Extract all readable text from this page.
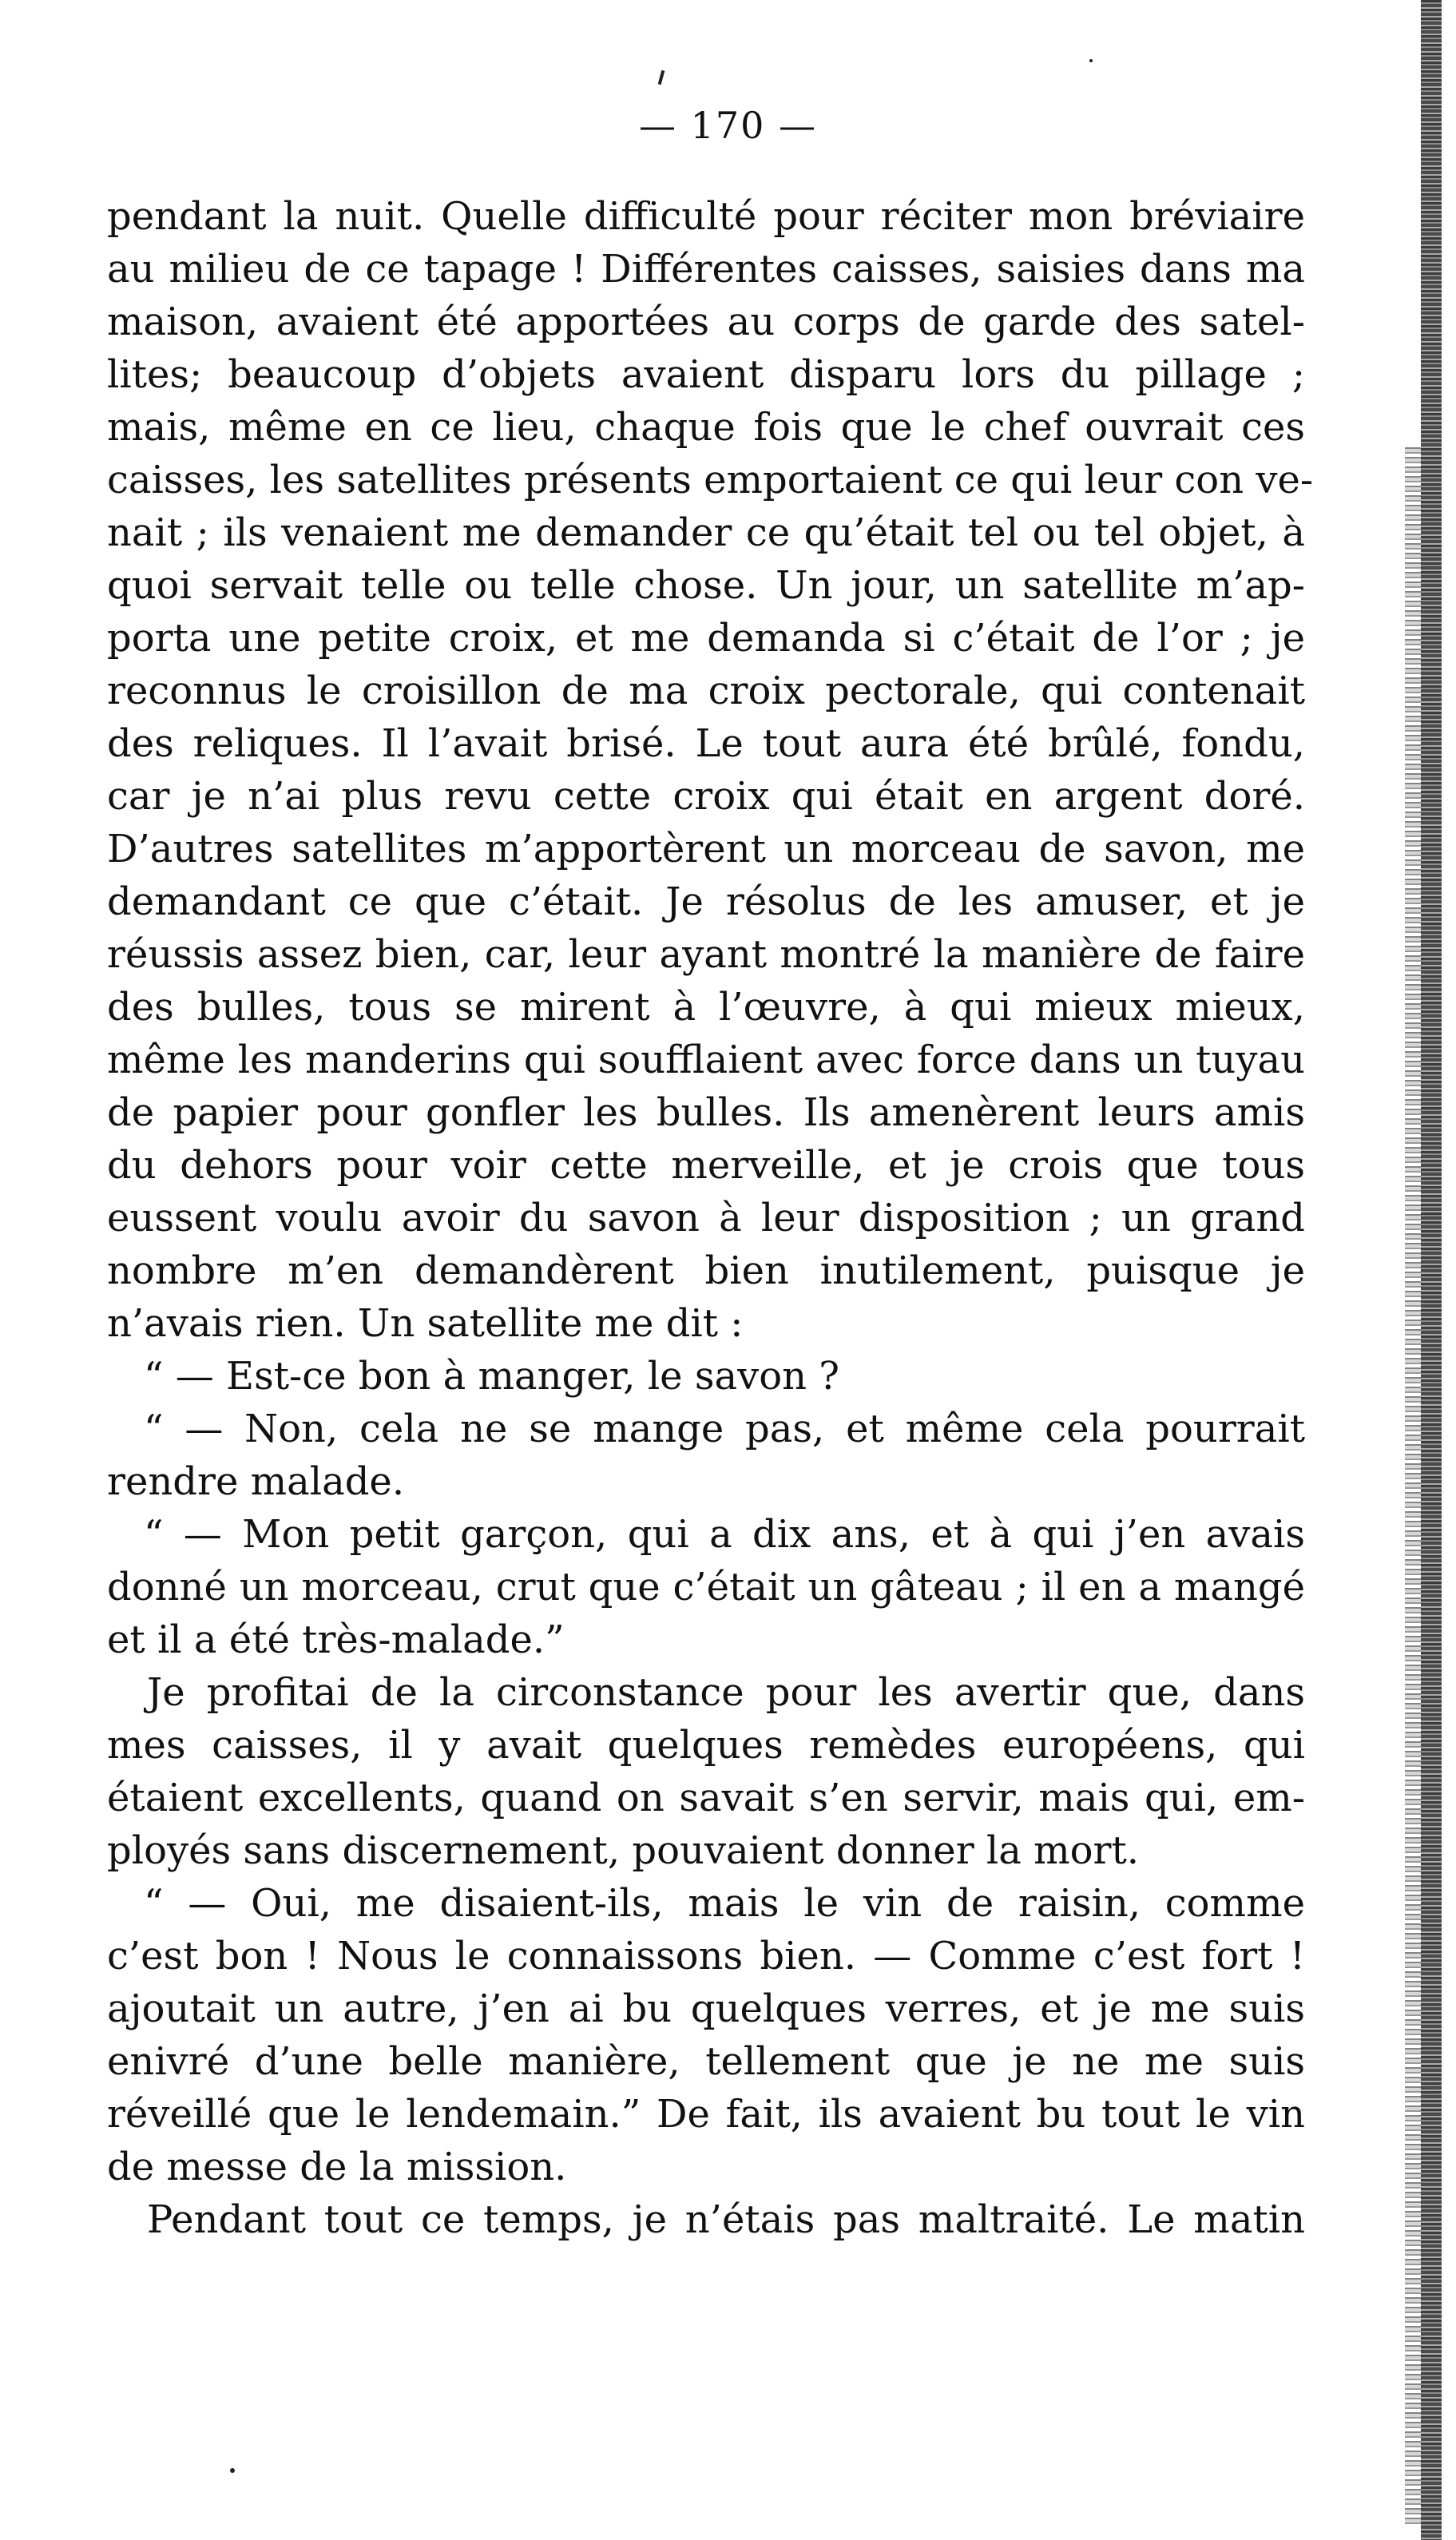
— 170 —
pendant la nuit. Quelle difficulté pour réciter mon bréviaire
au milieu de ce tapage ! Différentes caisses, saisies dans ma
maison, avaient été apportées au corps de garde des satel-
lites; beaucoup d’objets avaient disparu lors du pillage ;
mais, même en ce lieu, chaque fois que le chef ouvrait ces
caisses, les satellites présents emportaient ce qui leur con ve-
nait ; ils venaient me demander ce qu’était tel ou tel objet, à
quoi servait telle ou telle chose. Un jour, un satellite m’ap-
porta une petite croix, et me demanda si c’était de l’or ; je
reconnus le croisillon de ma croix pectorale, qui contenait
des reliques. Il l’avait brisé. Le tout aura été brûlé, fondu,
car je n’ai plus revu cette croix qui était en argent doré.
D’autres satellites m’apportèrent un morceau de savon, me
demandant ce que c’était. Je résolus de les amuser, et je
réussis assez bien, car, leur ayant montré la manière de faire
des bulles, tous se mirent à l’œuvre, à qui mieux mieux,
même les manderins qui soufflaient avec force dans un tuyau
de papier pour gonfler les bulles. Ils amenèrent leurs amis
du dehors pour voir cette merveille, et je crois que tous
eussent voulu avoir du savon à leur disposition ; un grand
nombre m’en demandèrent bien inutilement, puisque je
n’avais rien. Un satellite me dit :
“ — Est-ce bon à manger, le savon ?
“ — Non, cela ne se mange pas, et même cela pourrait
rendre malade.
“ — Mon petit garçon, qui a dix ans, et à qui j’en avais
donné un morceau, crut que c’était un gâteau ; il en a mangé
et il a été très-malade.”
Je profitai de la circonstance pour les avertir que, dans
mes caisses, il y avait quelques remèdes européens, qui
étaient excellents, quand on savait s’en servir, mais qui, em-
ployés sans discernement, pouvaient donner la mort.
“ — Oui, me disaient-ils, mais le vin de raisin, comme
c’est bon ! Nous le connaissons bien. — Comme c’est fort !
ajoutait un autre, j’en ai bu quelques verres, et je me suis
enivré d’une belle manière, tellement que je ne me suis
réveillé que le lendemain.” De fait, ils avaient bu tout le vin
de messe de la mission.
Pendant tout ce temps, je n’étais pas maltraité. Le matin
